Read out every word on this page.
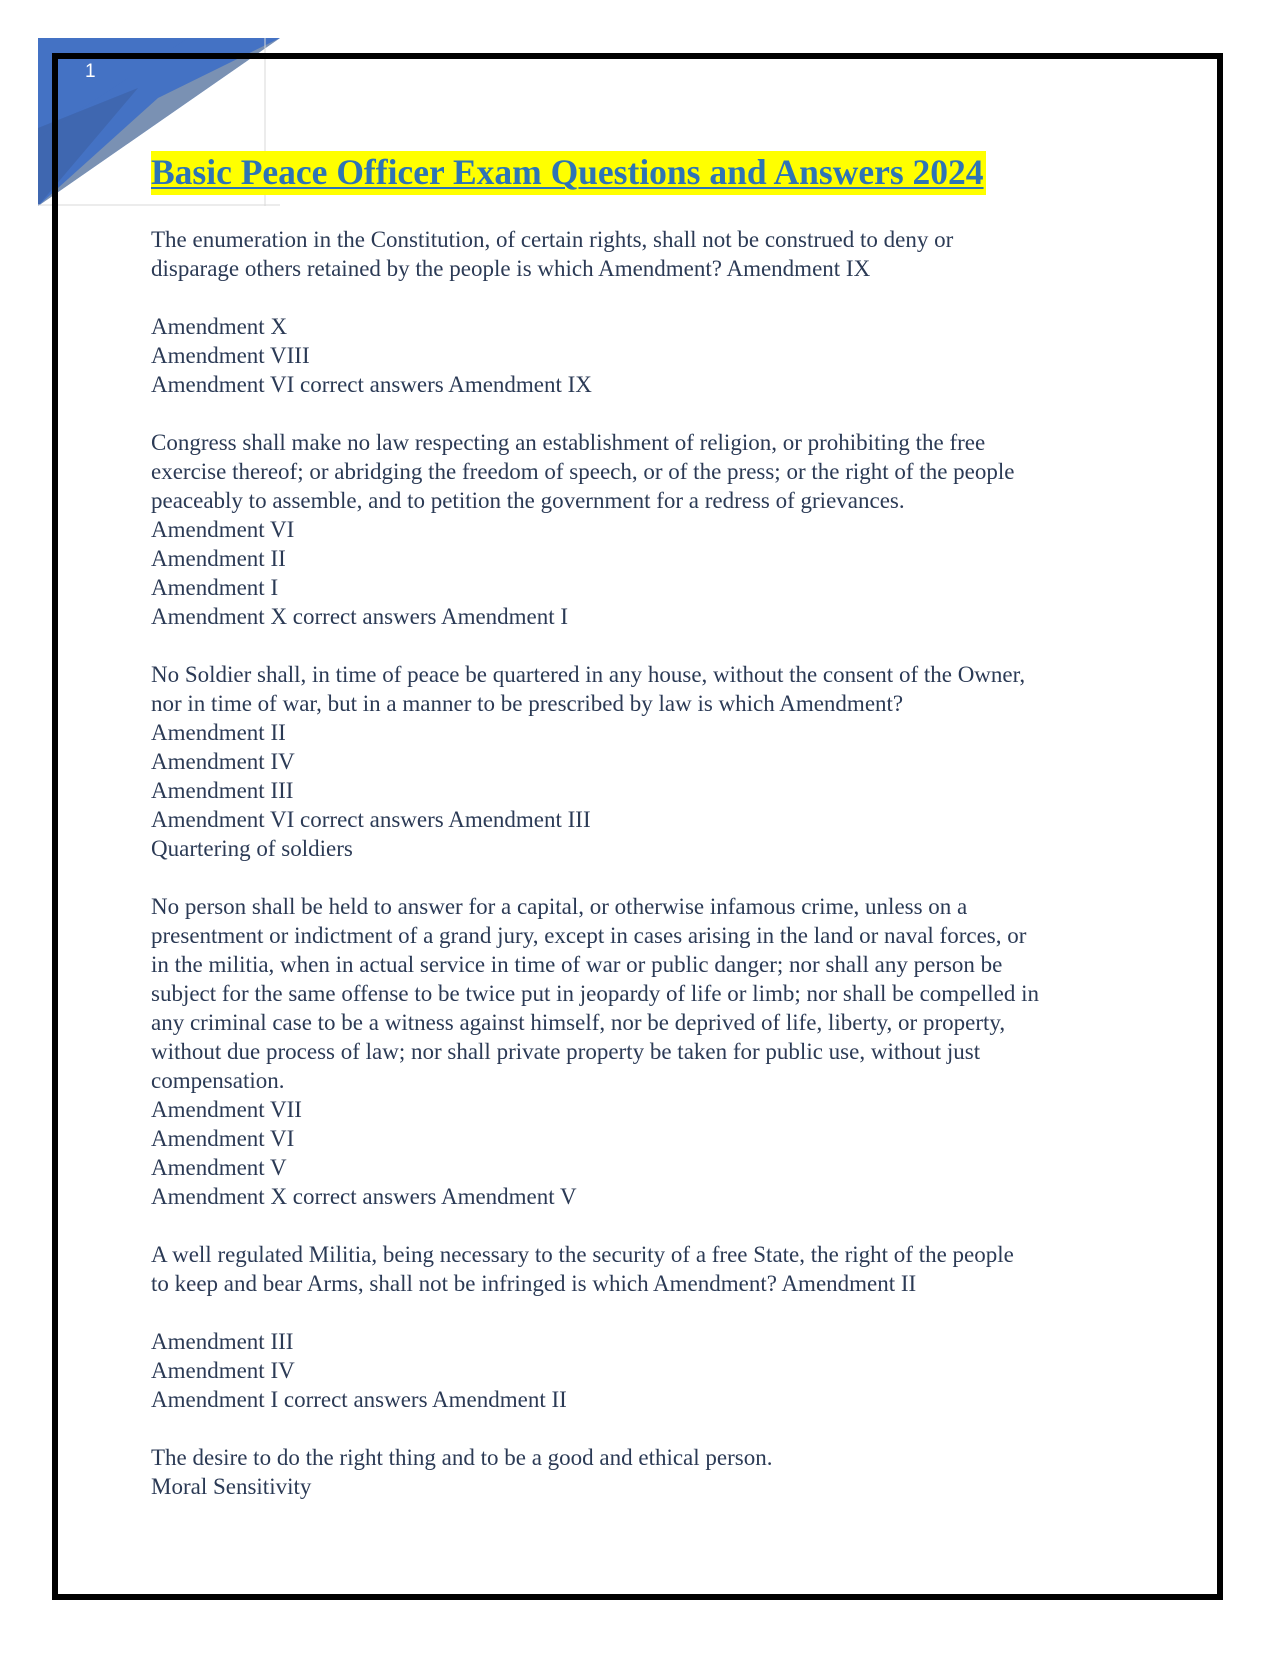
1
Basic Peace Officer Exam Questions and Answers 2024
The enumeration in the Constitution, of certain rights, shall not be construed to deny or
disparage others retained by the people is which Amendment? Amendment IX
Amendment X
Amendment VIII
Amendment VI correct answers Amendment IX
Congress shall make no law respecting an establishment of religion, or prohibiting the free
exercise thereof; or abridging the freedom of speech, or of the press; or the right of the people
peaceably to assemble, and to petition the government for a redress of grievances.
Amendment VI
Amendment II
Amendment I
Amendment X correct answers Amendment I
No Soldier shall, in time of peace be quartered in any house, without the consent of the Owner,
nor in time of war, but in a manner to be prescribed by law is which Amendment?
Amendment II
Amendment IV
Amendment III
Amendment VI correct answers Amendment III
Quartering of soldiers
No person shall be held to answer for a capital, or otherwise infamous crime, unless on a
presentment or indictment of a grand jury, except in cases arising in the land or naval forces, or
in the militia, when in actual service in time of war or public danger; nor shall any person be
subject for the same offense to be twice put in jeopardy of life or limb; nor shall be compelled in
any criminal case to be a witness against himself, nor be deprived of life, liberty, or property,
without due process of law; nor shall private property be taken for public use, without just
compensation.
Amendment VII
Amendment VI
Amendment V
Amendment X correct answers Amendment V
A well regulated Militia, being necessary to the security of a free State, the right of the people
to keep and bear Arms, shall not be infringed is which Amendment? Amendment II
Amendment III
Amendment IV
Amendment I correct answers Amendment II
The desire to do the right thing and to be a good and ethical person.
Moral Sensitivity
